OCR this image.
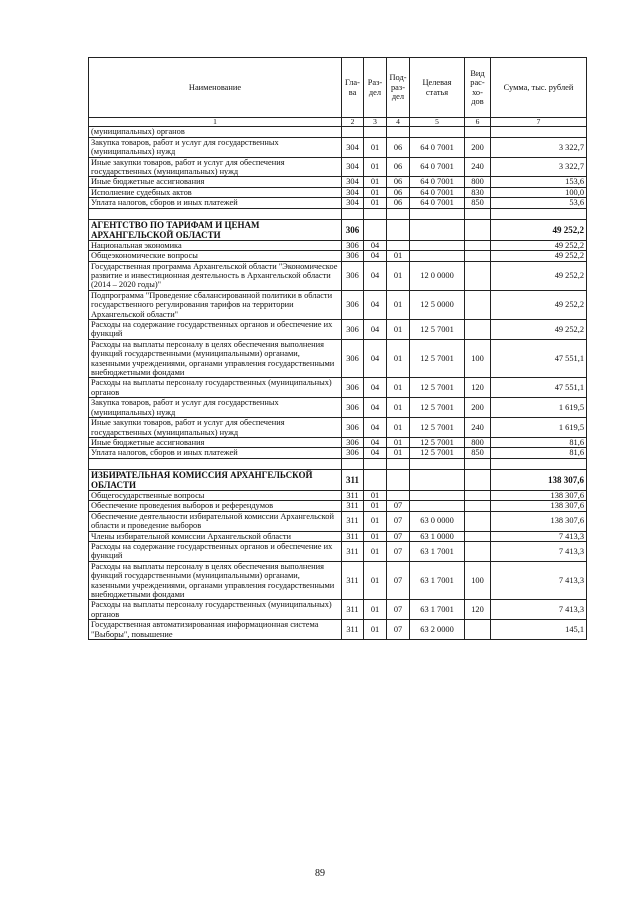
Наименование	Гла- ва	Раз- дел	Под- раз- дел	Целевая статья	Вид рас- хо- дов	Сумма, тыс. рублей
1	2	3	4	5	6	7
(муниципальных) органов						
Закупка товаров, работ и услуг для государственных (муниципальных) нужд	304	01	06	64 0 7001	200	3 322,7
Иные закупки товаров, работ и услуг для обеспечения государственных (муниципальных) нужд	304	01	06	64 0 7001	240	3 322,7
Иные бюджетные ассигнования	304	01	06	64 0 7001	800	153,6
Исполнение судебных актов	304	01	06	64 0 7001	830	100,0
Уплата налогов, сборов и иных платежей	304	01	06	64 0 7001	850	53,6

АГЕНТСТВО ПО ТАРИФАМ И ЦЕНАМ АРХАНГЕЛЬСКОЙ ОБЛАСТИ	306					49 252,2
Национальная экономика	306	04				49 252,2
Общеэкономические вопросы	306	04	01			49 252,2
Государственная программа Архангельской области "Экономическое развитие и инвестиционная деятельность в Архангельской области (2014 – 2020 годы)"	306	04	01	12 0 0000		49 252,2
Подпрограмма "Проведение сбалансированной политики в области государственного регулирования тарифов на территории Архангельской области"	306	04	01	12 5 0000		49 252,2
Расходы на содержание государственных органов и обеспечение их функций	306	04	01	12 5 7001		49 252,2
Расходы на выплаты персоналу в целях обеспечения выполнения функций государственными (муниципальными) органами, казенными учреждениями, органами управления государственными внебюджетными фондами	306	04	01	12 5 7001	100	47 551,1
Расходы на выплаты персоналу государственных (муниципальных) органов	306	04	01	12 5 7001	120	47 551,1
Закупка товаров, работ и услуг для государственных (муниципальных) нужд	306	04	01	12 5 7001	200	1 619,5
Иные закупки товаров, работ и услуг для обеспечения государственных (муниципальных) нужд	306	04	01	12 5 7001	240	1 619,5
Иные бюджетные ассигнования	306	04	01	12 5 7001	800	81,6
Уплата налогов, сборов и иных платежей	306	04	01	12 5 7001	850	81,6

ИЗБИРАТЕЛЬНАЯ КОМИССИЯ АРХАНГЕЛЬСКОЙ ОБЛАСТИ	311					138 307,6
Общегосударственные вопросы	311	01				138 307,6
Обеспечение проведения выборов и референдумов	311	01	07			138 307,6
Обеспечение деятельности избирательной комиссии Архангельской области и проведение выборов	311	01	07	63 0 0000		138 307,6
Члены избирательной комиссии Архангельской области	311	01	07	63 1 0000		7 413,3
Расходы на содержание государственных органов и обеспечение их функций	311	01	07	63 1 7001		7 413,3
Расходы на выплаты персоналу в целях обеспечения выполнения функций государственными (муниципальными) органами, казенными учреждениями, органами управления государственными внебюджетными фондами	311	01	07	63 1 7001	100	7 413,3
Расходы на выплаты персоналу государственных (муниципальных) органов	311	01	07	63 1 7001	120	7 413,3
Государственная автоматизированная информационная система "Выборы", повышение	311	01	07	63 2 0000		145,1
89
